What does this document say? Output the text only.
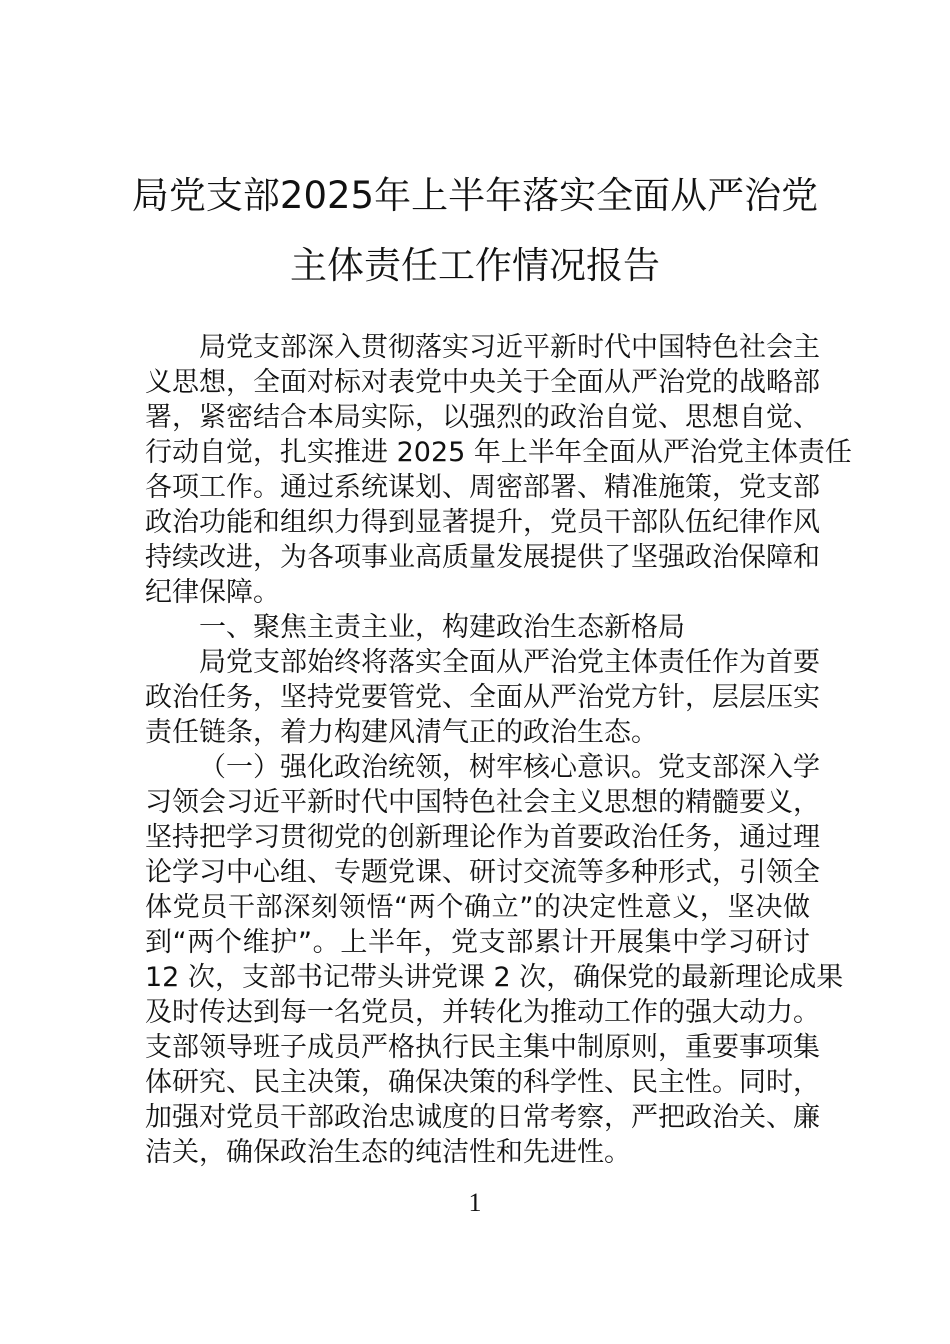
局党支部2025年上半年落实全面从严治党
主体责任工作情况报告
局党支部深入贯彻落实习近平新时代中国特色社会主
义思想，全面对标对表党中央关于全面从严治党的战略部
署，紧密结合本局实际，以强烈的政治自觉、思想自觉、
行动自觉，扎实推进 2025 年上半年全面从严治党主体责任
各项工作。通过系统谋划、周密部署、精准施策，党支部
政治功能和组织力得到显著提升，党员干部队伍纪律作风
持续改进，为各项事业高质量发展提供了坚强政治保障和
纪律保障。
一、聚焦主责主业，构建政治生态新格局
局党支部始终将落实全面从严治党主体责任作为首要
政治任务，坚持党要管党、全面从严治党方针，层层压实
责任链条，着力构建风清气正的政治生态。
（一）强化政治统领，树牢核心意识。党支部深入学
习领会习近平新时代中国特色社会主义思想的精髓要义，
坚持把学习贯彻党的创新理论作为首要政治任务，通过理
论学习中心组、专题党课、研讨交流等多种形式，引领全
体党员干部深刻领悟“两个确立”的决定性意义，坚决做
到“两个维护”。上半年，党支部累计开展集中学习研讨
12 次，支部书记带头讲党课 2 次，确保党的最新理论成果
及时传达到每一名党员，并转化为推动工作的强大动力。
支部领导班子成员严格执行民主集中制原则，重要事项集
体研究、民主决策，确保决策的科学性、民主性。同时，
加强对党员干部政治忠诚度的日常考察，严把政治关、廉
洁关，确保政治生态的纯洁性和先进性。
1
